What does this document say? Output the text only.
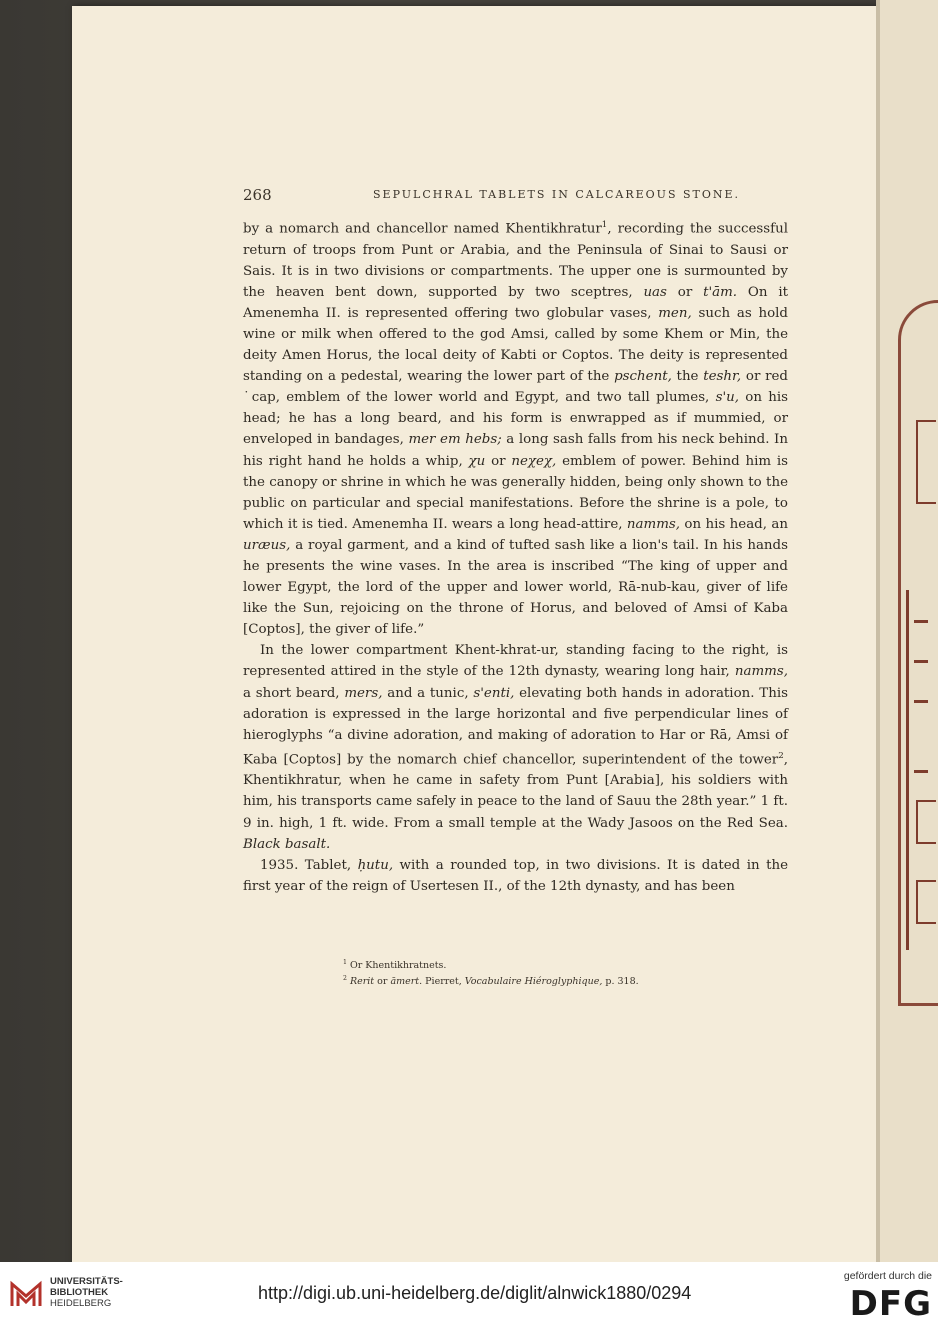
268	SEPULCHRAL TABLETS IN CALCAREOUS STONE.

by a nomarch and chancellor named Khentikhratur$^1$, recording the successful return of troops from Punt or Arabia, and the Peninsula of Sinai to Sausi or Sais. It is in two divisions or compartments. The upper one is surmounted by the heaven bent down, supported by two sceptres, uas or t'ām. On it Amenemha II. is represented offering two globular vases, men, such as hold wine or milk when offered to the god Amsi, called by some Khem or Min, the deity Amen Horus, the local deity of Kabti or Coptos. The deity is represented standing on a pedestal, wearing the lower part of the pschent, the teshr, or red ˙cap, emblem of the lower world and Egypt, and two tall plumes, s'u, on his head; he has a long beard, and his form is enwrapped as if mummied, or enveloped in bandages, mer em hebs; a long sash falls from his neck behind. In his right hand he holds a whip, χu or neχeχ, emblem of power. Behind him is the canopy or shrine in which he was generally hidden, being only shown to the public on particular and special manifestations. Before the shrine is a pole, to which it is tied. Amenemha II. wears a long head-attire, namms, on his head, an uræus, a royal garment, and a kind of tufted sash like a lion's tail. In his hands he presents the wine vases. In the area is inscribed “The king of upper and lower Egypt, the lord of the upper and lower world, Rā-nub-kau, giver of life like the Sun, rejoicing on the throne of Horus, and beloved of Amsi of Kaba [Coptos], the giver of life.”

In the lower compartment Khent-khrat-ur, standing facing to the right, is represented attired in the style of the 12th dynasty, wearing long hair, namms, a short beard, mers, and a tunic, s'enti, elevating both hands in adoration. This adoration is expressed in the large horizontal and five perpendicular lines of hieroglyphs “a divine adoration, and making of adoration to Har or Rā, Amsi of Kaba [Coptos] by the nomarch chief chancellor, superintendent of the tower$^2$, Khentikhratur, when he came in safety from Punt [Arabia], his soldiers with him, his transports came safely in peace to the land of Sauu the 28th year.” 1 ft. 9 in. high, 1 ft. wide. From a small temple at the Wady Jasoos on the Red Sea. Black basalt.

1935. Tablet, ḥutu, with a rounded top, in two divisions. It is dated in the first year of the reign of Usertesen II., of the 12th dynasty, and has been

$^1$ Or Khentikhratnets.
$^2$ Rerit or āmert. Pierret, Vocabulaire Hiéroglyphique, p. 318.
UNIVERSITÄTS-
BIBLIOTHEK
HEIDELBERG
http://digi.ub.uni-heidelberg.de/diglit/alnwick1880/0294
gefördert durch die
DFG
